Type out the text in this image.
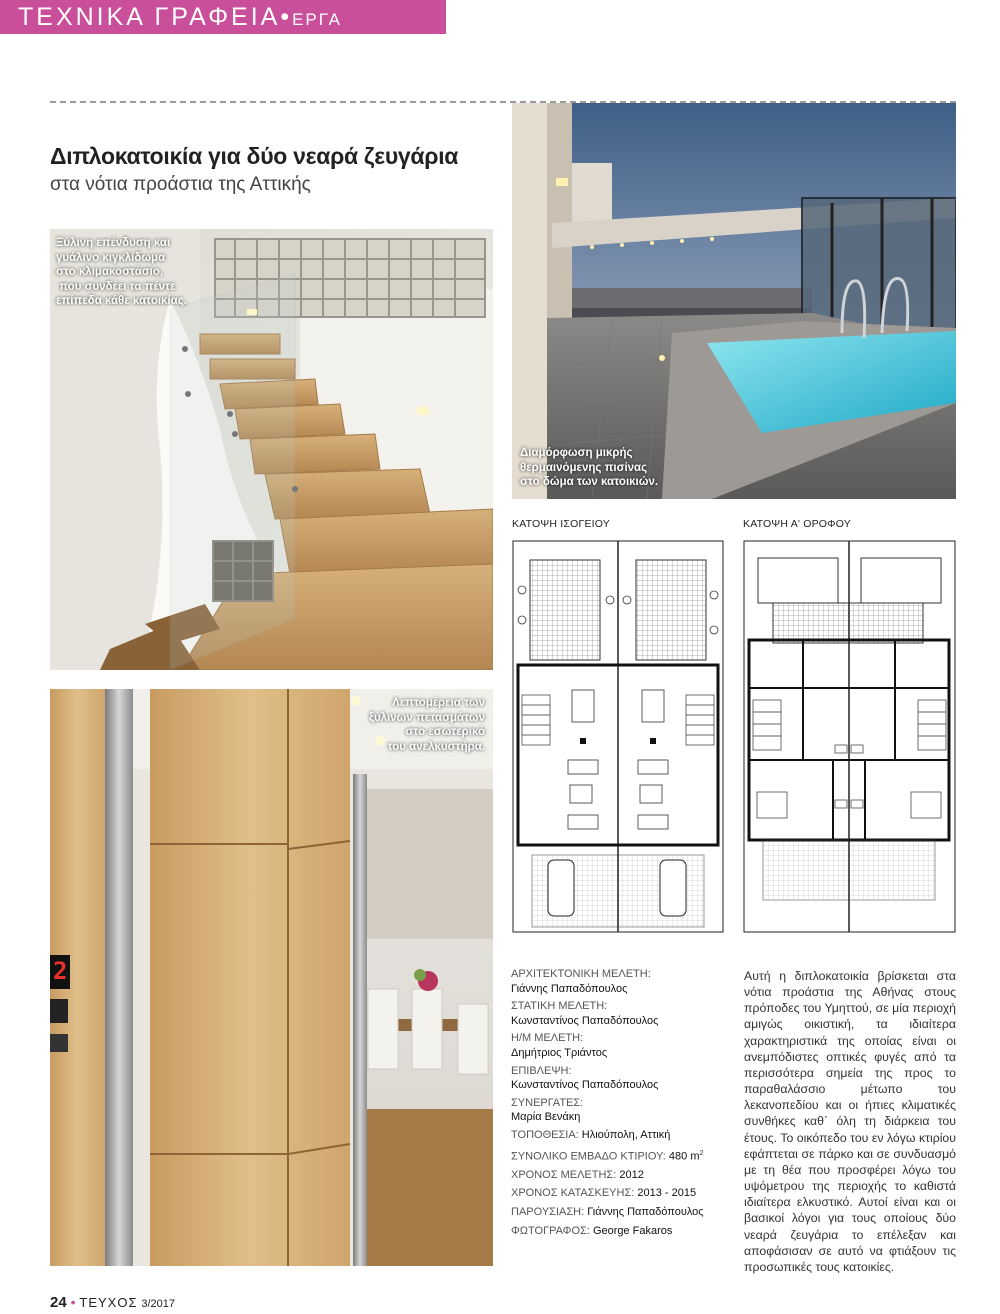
ΤΕΧΝΙΚΑ ΓΡΑΦΕΙΑ•ΕΡΓΑ
Διπλοκατοικία για δύο νεαρά ζευγάρια
στα νότια προάστια της Αττικής
Ξύλινη επένδυση και
γυάλινο κιγκλίδωμα
στο κλιμακοστάσιο,
που συνδέει τα πέντε
επίπεδα κάθε κατοικίας.
Διαμόρφωση μικρής
θερμαινόμενης πισίνας
στο δώμα των κατοικιών.
ΚΑΤΟΨΗ ΙΣΟΓΕΙΟΥ	ΚΑΤΟΨΗ Α' ΟΡΟΦΟΥ
2
Λεπτομέρεια των
ξύλινων πετασμάτων
στο εσωτερικό
του ανελκυστήρα.
ΑΡΧΙΤΕΚΤΟΝΙΚΗ ΜΕΛΕΤΗ:
Γιάννης Παπαδόπουλος
ΣΤΑΤΙΚΗ ΜΕΛΕΤΗ:
Κωνσταντίνος Παπαδόπουλος
Η/Μ ΜΕΛΕΤΗ:
Δημήτριος Τριάντος
ΕΠΙΒΛΕΨΗ:
Κωνσταντίνος Παπαδόπουλος
ΣΥΝΕΡΓΑΤΕΣ:
Μαρία Βενάκη
ΤΟΠΟΘΕΣΙΑ: Ηλιούπολη, Αττική
ΣΥΝΟΛΙΚΟ ΕΜΒΑΔΟ ΚΤΙΡΙΟΥ: 480 $m^2$
ΧΡΟΝΟΣ ΜΕΛΕΤΗΣ: 2012
ΧΡΟΝΟΣ ΚΑΤΑΣΚΕΥΗΣ: 2013 - 2015
ΠΑΡΟΥΣΙΑΣΗ: Γιάννης Παπαδόπουλος
ΦΩΤΟΓΡΑΦΟΣ: George Fakaros

Αυτή η διπλοκατοικία βρίσκεται στα νότια προάστια της Αθήνας στους πρόποδες του Υμηττού, σε μία περιοχή αμιγώς οικιστική, τα ιδιαίτερα χαρακτηριστικά της οποίας είναι οι ανεμπόδιστες οπτικές φυγές από τα περισσότερα σημεία της προς το παραθαλάσσιο μέτωπο του λεκανοπεδίου και οι ήπιες κλιματικές συνθήκες καθ΄ όλη τη διάρκεια του έτους. Το οικόπεδο του εν λόγω κτιρίου εφάπτεται σε πάρκο και σε συνδυασμό με τη θέα που προσφέρει λόγω του υψόμετρου της περιοχής το καθιστά ιδιαίτερα ελκυστικό. Αυτοί είναι και οι βασικοί λόγοι για τους οποίους δύο νεαρά ζευγάρια το επέλεξαν και αποφάσισαν σε αυτό να φτιάξουν τις προσωπικές τους κατοικίες.

24 • ΤΕΥΧΟΣ 3/2017
